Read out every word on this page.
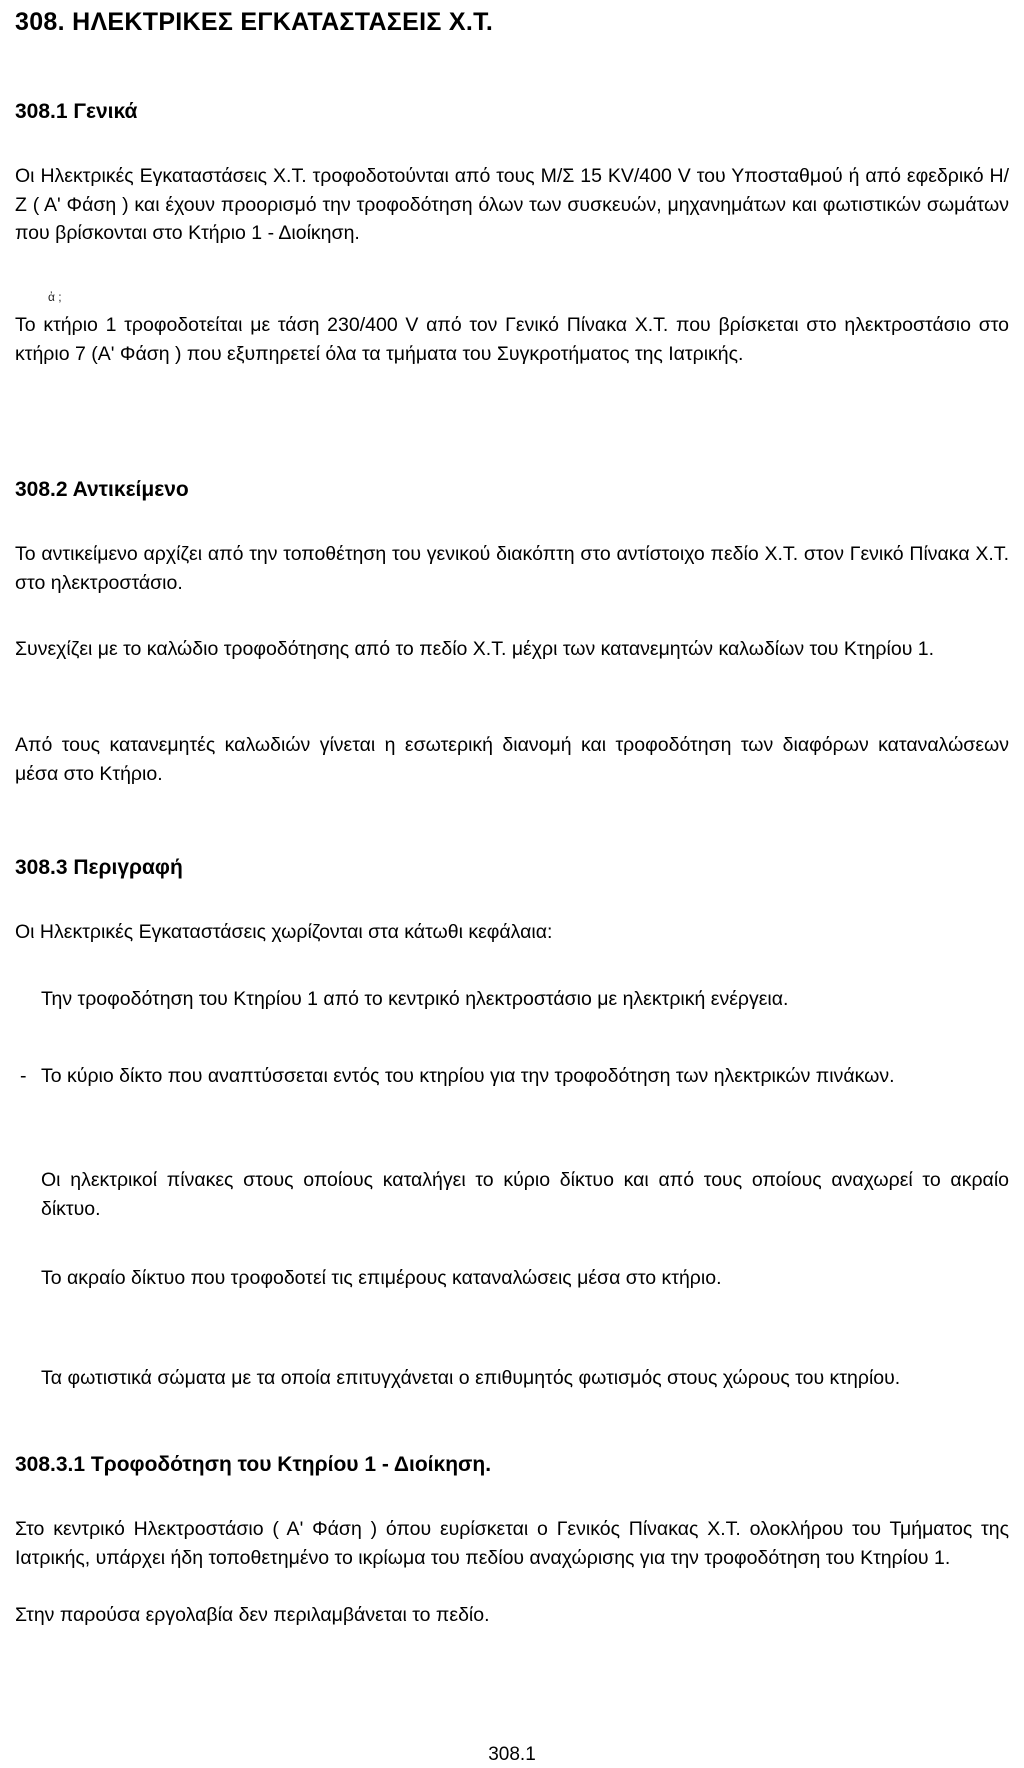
308. ΗΛΕΚΤΡΙΚΕΣ ΕΓΚΑΤΑΣΤΑΣΕΙΣ Χ.Τ.
308.1 Γενικά
Οι Ηλεκτρικές Εγκαταστάσεις Χ.Τ. τροφοδοτούνται από τους Μ/Σ 15 KV/400 V του Υποσταθμού ή από εφεδρικό Η/Ζ ( Α' Φάση ) και έχουν προορισμό την τροφοδότηση όλων των συσκευών, μηχανημάτων και φωτιστικών σωμάτων που βρίσκονται στο Κτήριο 1 - Διοίκηση.
ἀ ;
Το κτήριο 1 τροφοδοτείται με τάση 230/400 V από τον Γενικό Πίνακα Χ.Τ. που βρίσκεται στο ηλεκτροστάσιο στο κτήριο 7 (Α' Φάση ) που εξυπηρετεί όλα τα τμήματα του Συγκροτήματος της Ιατρικής.
308.2 Αντικείμενο
Το αντικείμενο αρχίζει από την τοποθέτηση του γενικού διακόπτη στο αντίστοιχο πεδίο Χ.Τ. στον Γενικό Πίνακα Χ.Τ. στο ηλεκτροστάσιο.
Συνεχίζει με το καλώδιο τροφοδότησης από το πεδίο Χ.Τ. μέχρι των κατανεμητών καλωδίων του Κτηρίου 1.
Από τους κατανεμητές καλωδιών γίνεται η εσωτερική διανομή και τροφοδότηση των διαφόρων καταναλώσεων μέσα στο Κτήριο.
308.3 Περιγραφή
Οι Ηλεκτρικές Εγκαταστάσεις χωρίζονται στα κάτωθι κεφάλαια:
Την τροφοδότηση του Κτηρίου 1 από το κεντρικό ηλεκτροστάσιο με ηλεκτρική ενέργεια.
- Το κύριο δίκτο που αναπτύσσεται εντός του κτηρίου για την τροφοδότηση των ηλεκτρικών πινάκων.
Οι ηλεκτρικοί πίνακες στους οποίους καταλήγει το κύριο δίκτυο και από τους οποίους αναχωρεί το ακραίο δίκτυο.
Το ακραίο δίκτυο που τροφοδοτεί τις επιμέρους καταναλώσεις μέσα στο κτήριο.
Τα φωτιστικά σώματα με τα οποία επιτυγχάνεται ο επιθυμητός φωτισμός στους χώρους του κτηρίου.
308.3.1 Τροφοδότηση του Κτηρίου 1 - Διοίκηση.
Στο κεντρικό Ηλεκτροστάσιο ( Α' Φάση ) όπου ευρίσκεται ο Γενικός Πίνακας Χ.Τ. ολοκλήρου του Τμήματος της Ιατρικής, υπάρχει ήδη τοποθετημένο το ικρίωμα του πεδίου αναχώρισης για την τροφοδότηση του Κτηρίου 1.
Στην παρούσα εργολαβία δεν περιλαμβάνεται το πεδίο.
308.1
